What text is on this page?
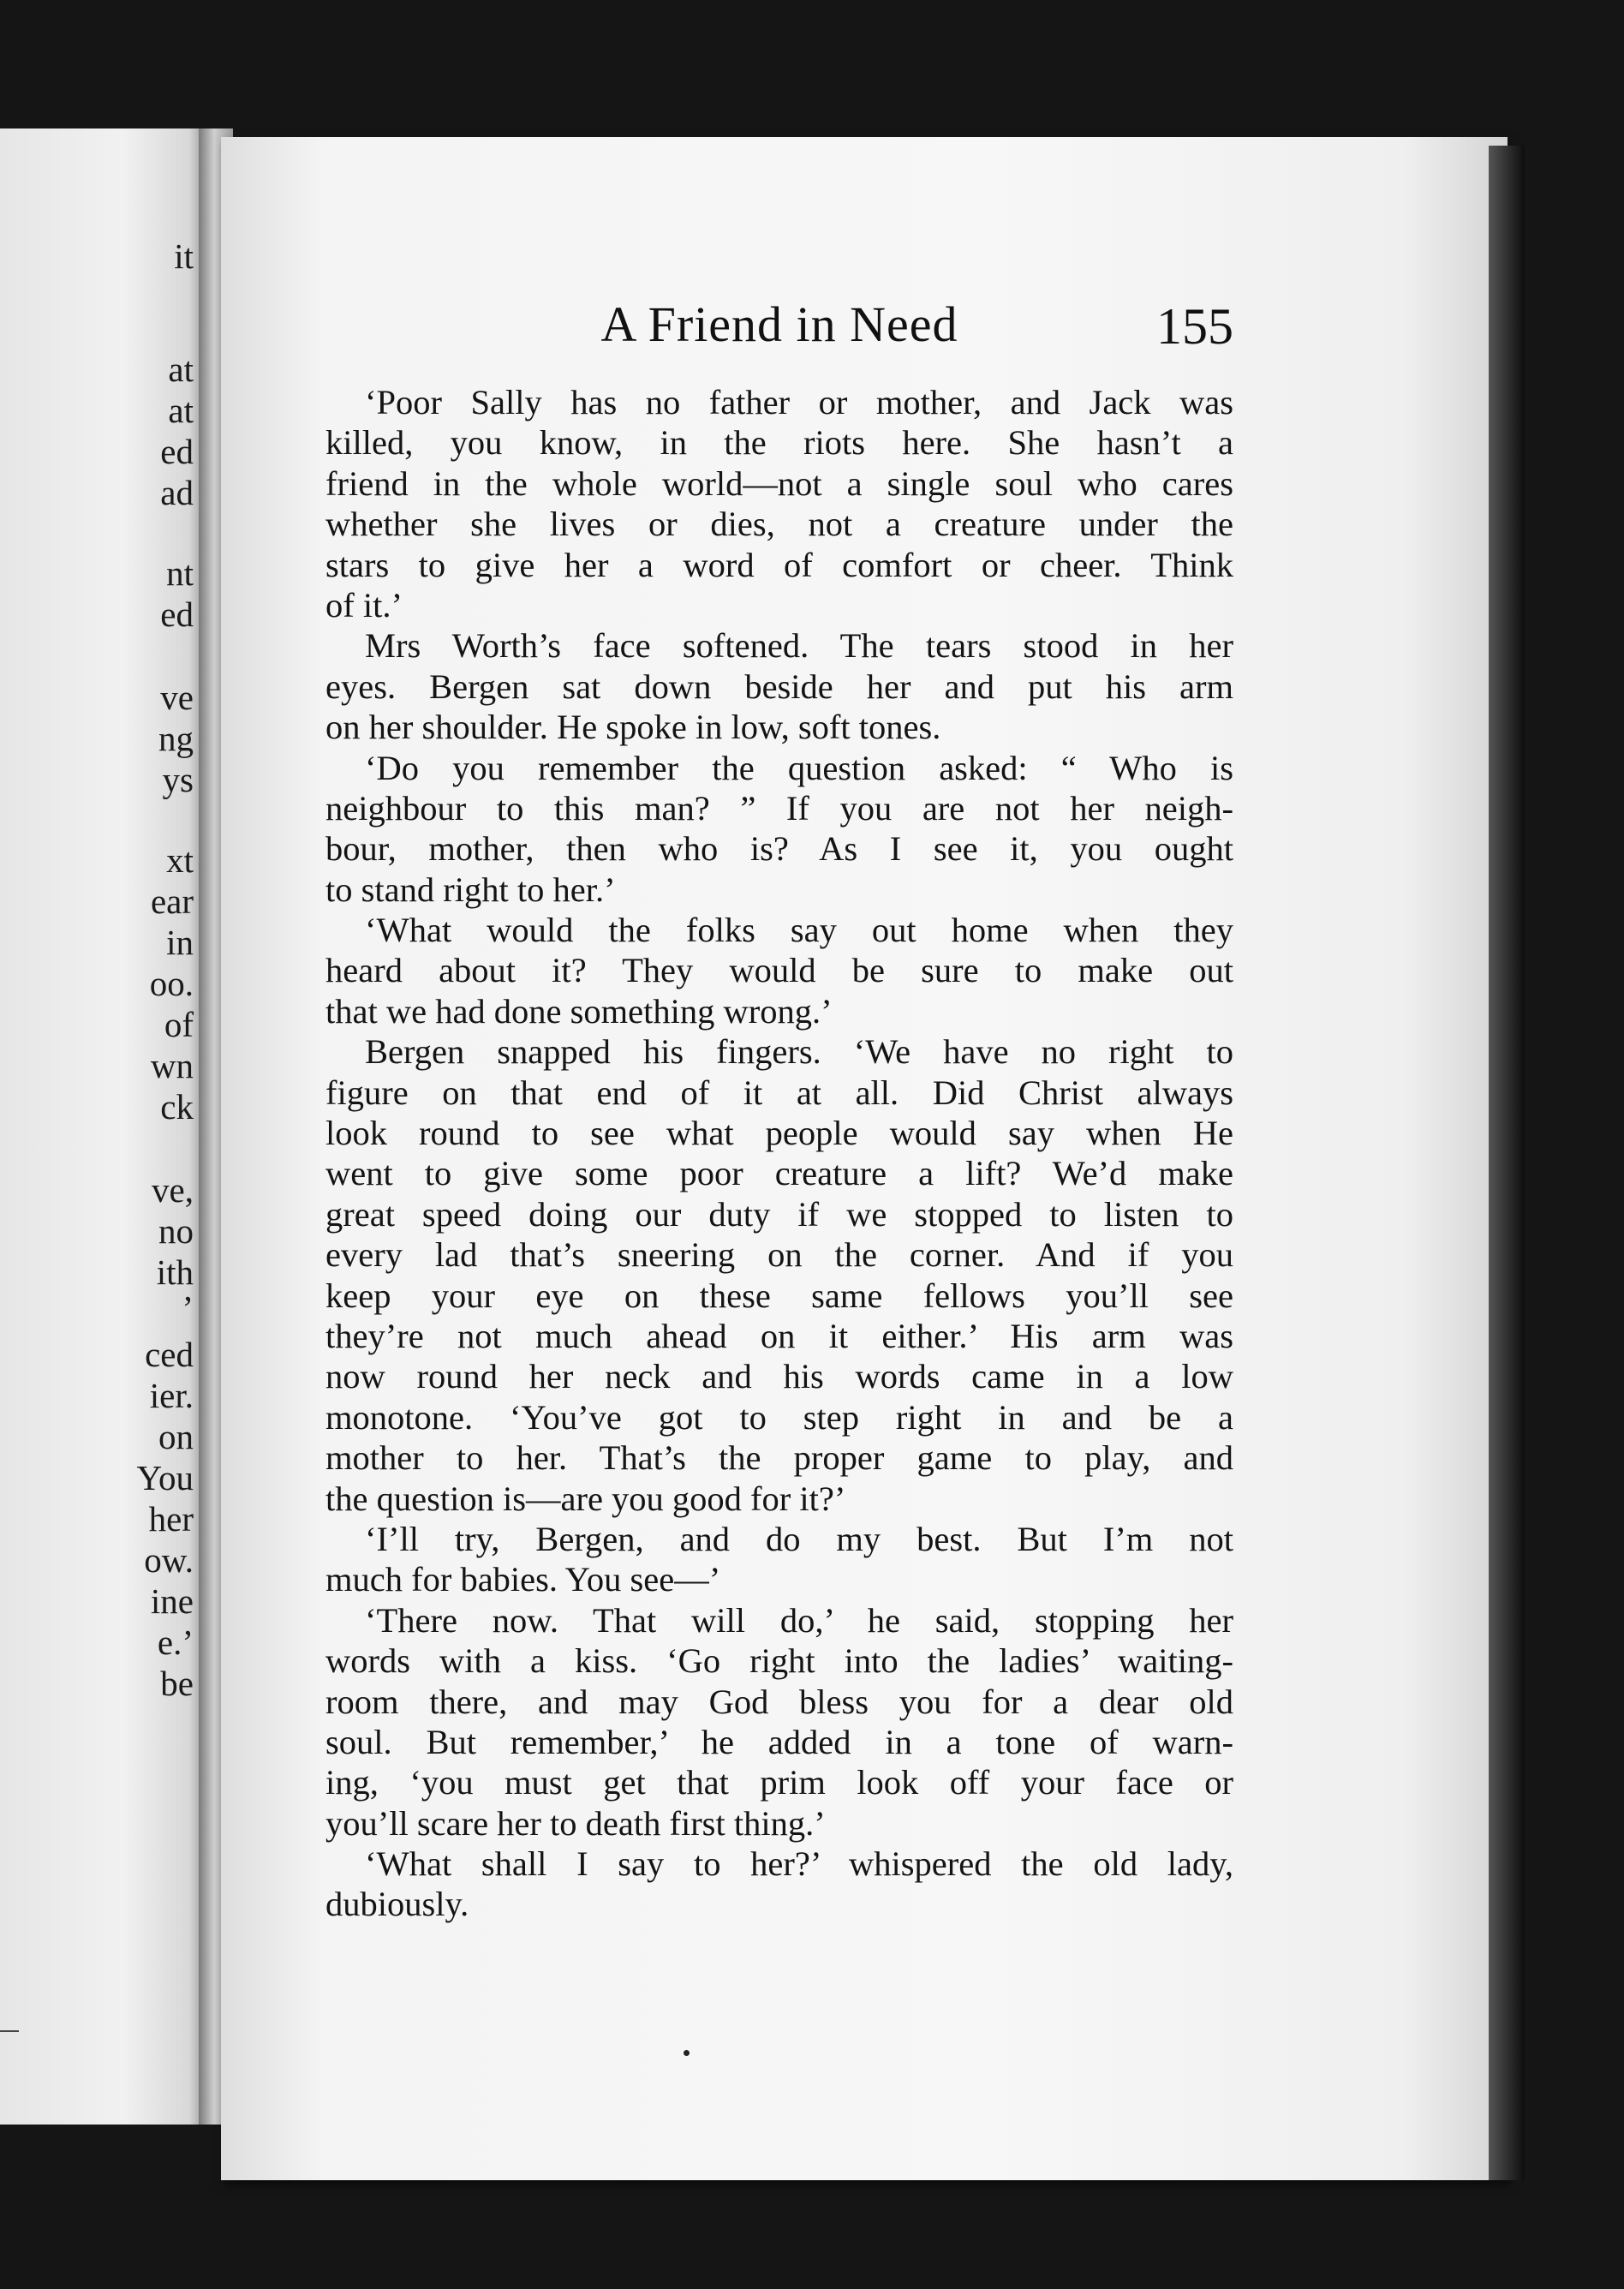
it
at
at
ed
ad
nt
ed
ve
ng
ys
xt
ear
in
oo.
of
wn
ck
ve,
no
ith
’
ced
ier.
on
You
her
ow.
ine
e.’
be
A Friend in Need	155
‘Poor Sally has no father or mother, and Jack was
killed, you know, in the riots here. She hasn’t a
friend in the whole world—not a single soul who cares
whether she lives or dies, not a creature under the
stars to give her a word of comfort or cheer. Think
of it.’
Mrs Worth’s face softened. The tears stood in her
eyes. Bergen sat down beside her and put his arm
on her shoulder. He spoke in low, soft tones.
‘Do you remember the question asked: “ Who is
neighbour to this man? ” If you are not her neigh-
bour, mother, then who is? As I see it, you ought
to stand right to her.’
‘What would the folks say out home when they
heard about it? They would be sure to make out
that we had done something wrong.’
Bergen snapped his fingers. ‘We have no right to
figure on that end of it at all. Did Christ always
look round to see what people would say when He
went to give some poor creature a lift? We’d make
great speed doing our duty if we stopped to listen to
every lad that’s sneering on the corner. And if you
keep your eye on these same fellows you’ll see
they’re not much ahead on it either.’ His arm was
now round her neck and his words came in a low
monotone. ‘You’ve got to step right in and be a
mother to her. That’s the proper game to play, and
the question is—are you good for it?’
‘I’ll try, Bergen, and do my best. But I’m not
much for babies. You see—’
‘There now. That will do,’ he said, stopping her
words with a kiss. ‘Go right into the ladies’ waiting-
room there, and may God bless you for a dear old
soul. But remember,’ he added in a tone of warn-
ing, ‘you must get that prim look off your face or
you’ll scare her to death first thing.’
‘What shall I say to her?’ whispered the old lady,
dubiously.
